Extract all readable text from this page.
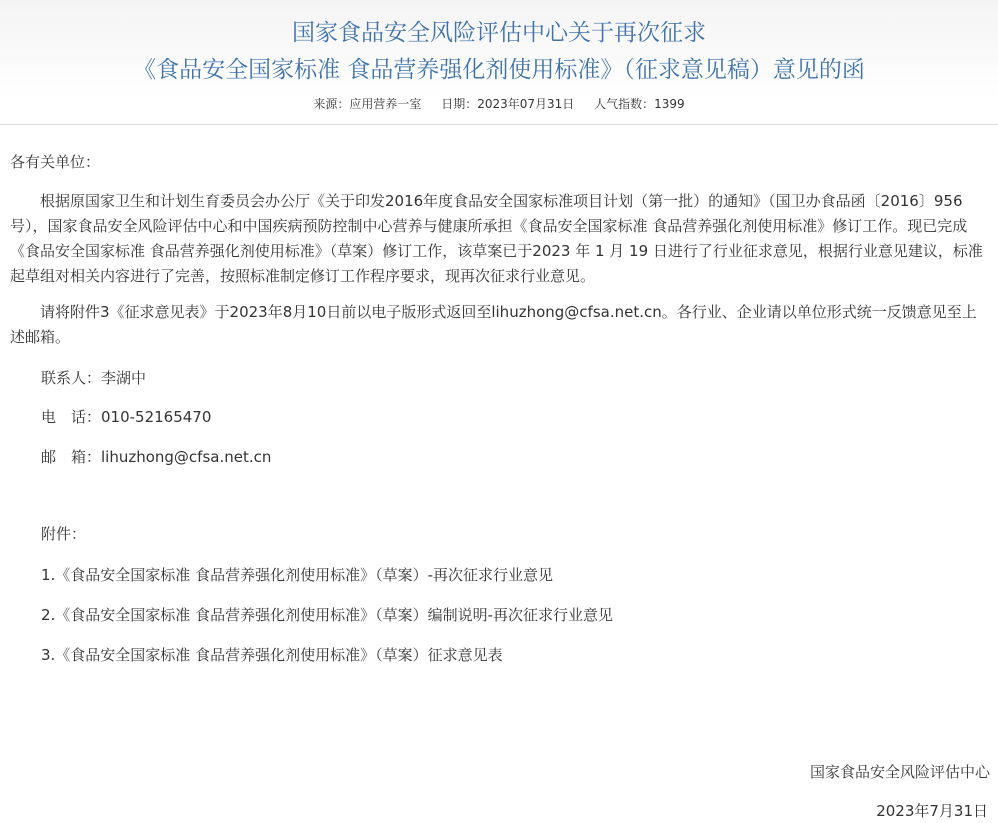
国家食品安全风险评估中心关于再次征求
《食品安全国家标准 食品营养强化剂使用标准》（征求意见稿）意见的函
来源：应用营养一室 日期：2023年07月31日 人气指数：1399
各有关单位：
根据原国家卫生和计划生育委员会办公厅《关于印发2016年度食品安全国家标准项目计划（第一批）的通知》（国卫办食品函〔2016〕956号），国家食品安全风险评估中心和中国疾病预防控制中心营养与健康所承担《食品安全国家标准 食品营养强化剂使用标准》修订工作。现已完成《食品安全国家标准 食品营养强化剂使用标准》（草案）修订工作，该草案已于2023 年 1 月 19 日进行了行业征求意见，根据行业意见建议，标准起草组对相关内容进行了完善，按照标准制定修订工作程序要求，现再次征求行业意见。
请将附件3《征求意见表》于2023年8月10日前以电子版形式返回至lihuzhong@cfsa.net.cn。各行业、企业请以单位形式统一反馈意见至上述邮箱。
联系人：李湖中
电　话：010-52165470
邮　箱：lihuzhong@cfsa.net.cn
附件：
1.《食品安全国家标准 食品营养强化剂使用标准》（草案）-再次征求行业意见
2.《食品安全国家标准 食品营养强化剂使用标准》（草案）编制说明-再次征求行业意见
3.《食品安全国家标准 食品营养强化剂使用标准》（草案）征求意见表
国家食品安全风险评估中心
2023年7月31日
